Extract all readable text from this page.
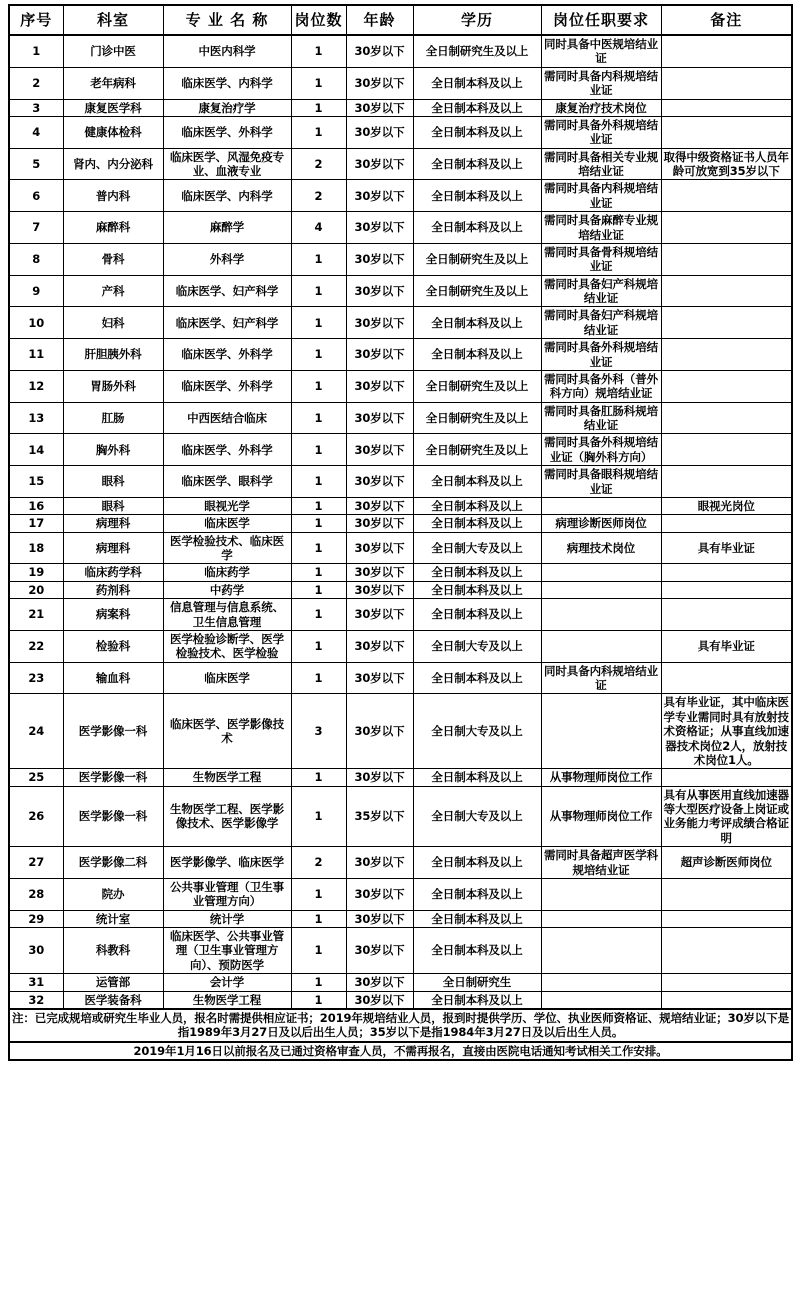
序号	科室	专 业 名 称	岗位数	年龄	学历	岗位任职要求	备注
1	门诊中医	中医内科学	1	30岁以下	全日制研究生及以上	同时具备中医规培结业证	
2	老年病科	临床医学、内科学	1	30岁以下	全日制本科及以上	需同时具备内科规培结业证	
3	康复医学科	康复治疗学	1	30岁以下	全日制本科及以上	康复治疗技术岗位	
4	健康体检科	临床医学、外科学	1	30岁以下	全日制本科及以上	需同时具备外科规培结业证	
5	肾内、内分泌科	临床医学、风湿免疫专业、血液专业	2	30岁以下	全日制本科及以上	需同时具备相关专业规培结业证	取得中级资格证书人员年龄可放宽到35岁以下
6	普内科	临床医学、内科学	2	30岁以下	全日制本科及以上	需同时具备内科规培结业证	
7	麻醉科	麻醉学	4	30岁以下	全日制本科及以上	需同时具备麻醉专业规培结业证	
8	骨科	外科学	1	30岁以下	全日制研究生及以上	需同时具备骨科规培结业证	
9	产科	临床医学、妇产科学	1	30岁以下	全日制研究生及以上	需同时具备妇产科规培结业证	
10	妇科	临床医学、妇产科学	1	30岁以下	全日制本科及以上	需同时具备妇产科规培结业证	
11	肝胆胰外科	临床医学、外科学	1	30岁以下	全日制本科及以上	需同时具备外科规培结业证	
12	胃肠外科	临床医学、外科学	1	30岁以下	全日制研究生及以上	需同时具备外科（普外科方向）规培结业证	
13	肛肠	中西医结合临床	1	30岁以下	全日制研究生及以上	需同时具备肛肠科规培结业证	
14	胸外科	临床医学、外科学	1	30岁以下	全日制研究生及以上	需同时具备外科规培结业证（胸外科方向）	
15	眼科	临床医学、眼科学	1	30岁以下	全日制本科及以上	需同时具备眼科规培结业证	
16	眼科	眼视光学	1	30岁以下	全日制本科及以上		眼视光岗位
17	病理科	临床医学	1	30岁以下	全日制本科及以上	病理诊断医师岗位	
18	病理科	医学检验技术、临床医学	1	30岁以下	全日制大专及以上	病理技术岗位	具有毕业证
19	临床药学科	临床药学	1	30岁以下	全日制本科及以上		
20	药剂科	中药学	1	30岁以下	全日制本科及以上		
21	病案科	信息管理与信息系统、卫生信息管理	1	30岁以下	全日制本科及以上		
22	检验科	医学检验诊断学、医学检验技术、医学检验	1	30岁以下	全日制大专及以上		具有毕业证
23	输血科	临床医学	1	30岁以下	全日制本科及以上	同时具备内科规培结业证	
24	医学影像一科	临床医学、医学影像技术	3	30岁以下	全日制大专及以上		具有毕业证，其中临床医学专业需同时具有放射技术资格证；从事直线加速器技术岗位2人，放射技术岗位1人。
25	医学影像一科	生物医学工程	1	30岁以下	全日制本科及以上	从事物理师岗位工作	
26	医学影像一科	生物医学工程、医学影像技术、医学影像学	1	35岁以下	全日制大专及以上	从事物理师岗位工作	具有从事医用直线加速器等大型医疗设备上岗证或业务能力考评成绩合格证明
27	医学影像二科	医学影像学、临床医学	2	30岁以下	全日制本科及以上	需同时具备超声医学科规培结业证	超声诊断医师岗位
28	院办	公共事业管理（卫生事业管理方向）	1	30岁以下	全日制本科及以上		
29	统计室	统计学	1	30岁以下	全日制本科及以上		
30	科教科	临床医学、公共事业管理（卫生事业管理方向）、预防医学	1	30岁以下	全日制本科及以上		
31	运管部	会计学	1	30岁以下	全日制研究生		
32	医学装备科	生物医学工程	1	30岁以下	全日制本科及以上		
注：已完成规培或研究生毕业人员，报名时需提供相应证书；2019年规培结业人员，报到时提供学历、学位、执业医师资格证、规培结业证；30岁以下是指1989年3月27日及以后出生人员；35岁以下是指1984年3月27日及以后出生人员。							
2019年1月16日以前报名及已通过资格审查人员，不需再报名，直接由医院电话通知考试相关工作安排。							
